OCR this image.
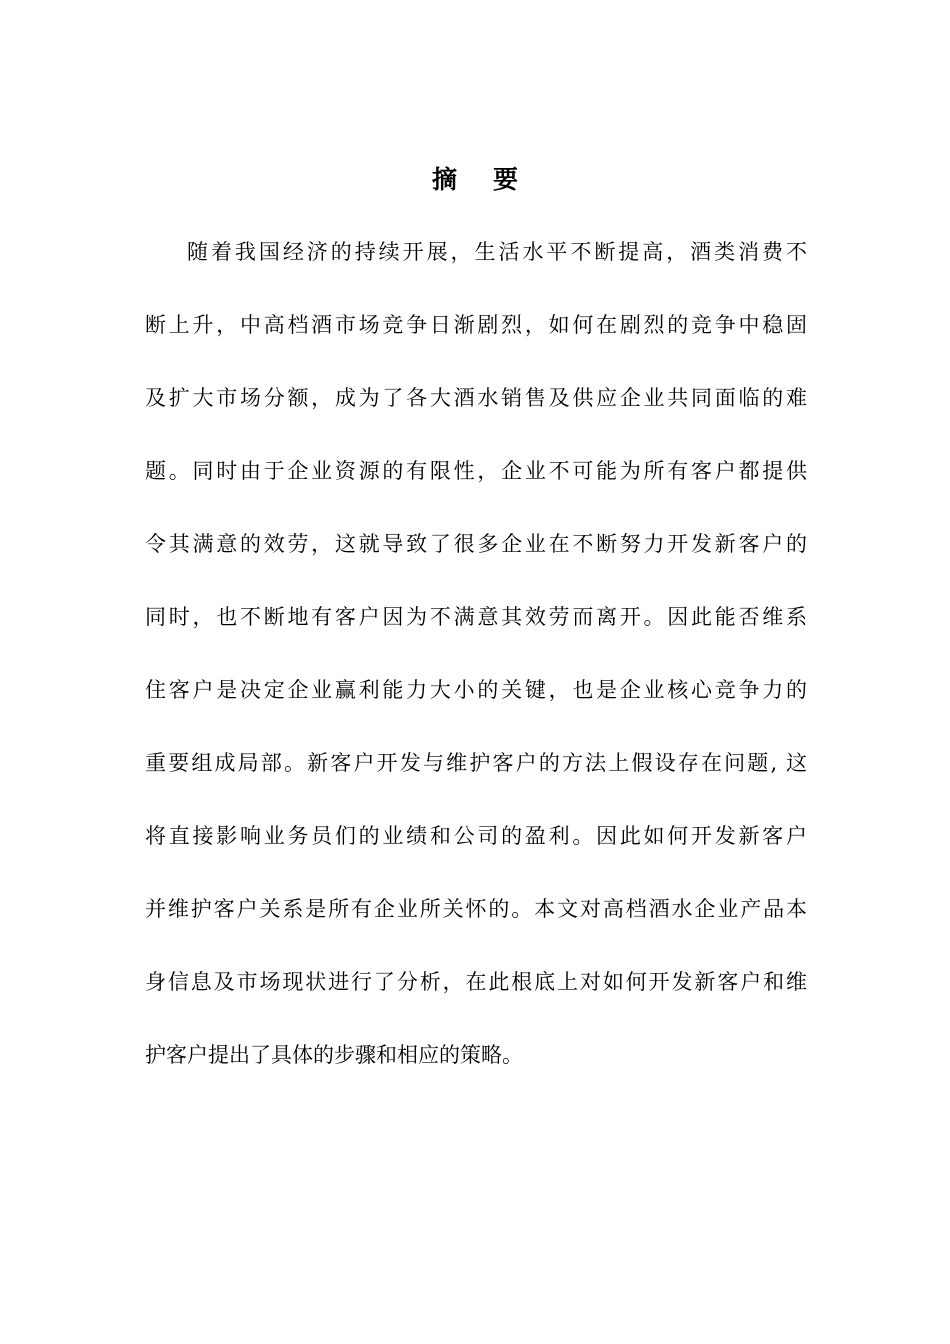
摘要
随着我国经济的持续开展，生活水平不断提高，酒类消费不
断上升，中高档酒市场竞争日渐剧烈，如何在剧烈的竞争中稳固
及扩大市场分额，成为了各大酒水销售及供应企业共同面临的难
题。同时由于企业资源的有限性，企业不可能为所有客户都提供
令其满意的效劳，这就导致了很多企业在不断努力开发新客户的
同时，也不断地有客户因为不满意其效劳而离开。因此能否维系
住客户是决定企业赢利能力大小的关键，也是企业核心竞争力的
重要组成局部。新客户开发与维护客户的方法上假设存在问题, 这
将直接影响业务员们的业绩和公司的盈利。因此如何开发新客户
并维护客户关系是所有企业所关怀的。本文对高档酒水企业产品本
身信息及市场现状进行了分析，在此根底上对如何开发新客户和维
护客户提出了具体的步骤和相应的策略。
